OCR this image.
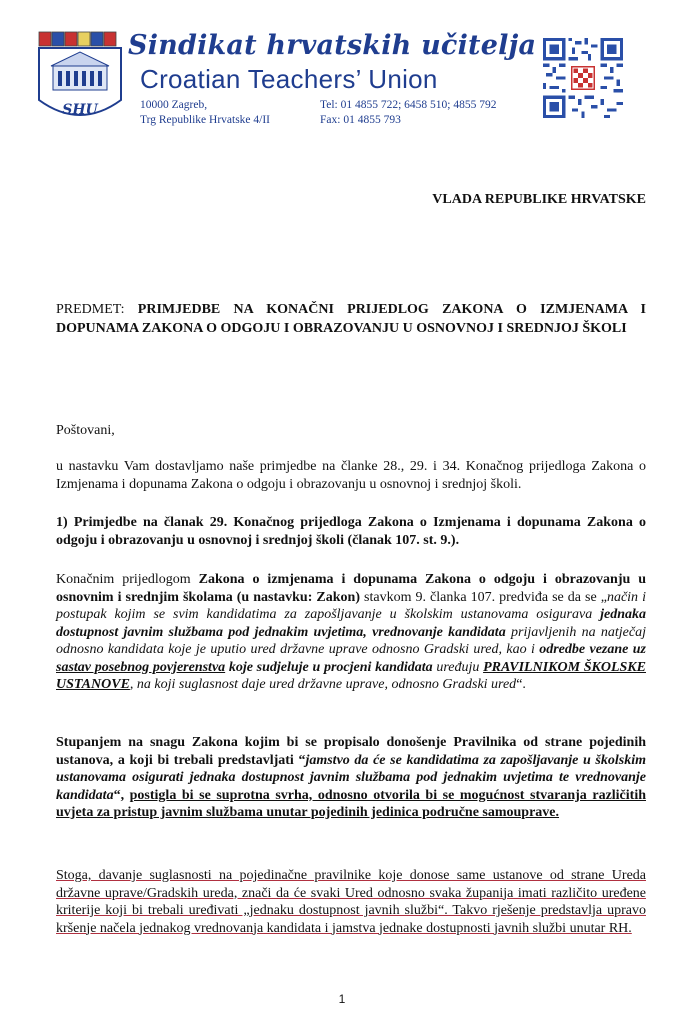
SHU
Sindikat hrvatskih učitelja
Croatian Teachers’ Union
10000 Zagreb,
Trg Republike Hrvatske 4/II
Tel: 01 4855 722; 6458 510; 4855 792
Fax: 01 4855 793
VLADA REPUBLIKE HRVATSKE
PREDMET: PRIMJEDBE NA KONAČNI PRIJEDLOG ZAKONA O IZMJENAMA I DOPUNAMA ZAKONA O ODGOJU I OBRAZOVANJU U OSNOVNOJ I SREDNJOJ ŠKOLI
Poštovani,
u nastavku Vam dostavljamo naše primjedbe na članke 28., 29. i 34. Konačnog prijedloga Zakona o Izmjenama i dopunama Zakona o odgoju i obrazovanju u osnovnoj i srednjoj školi.
1) Primjedbe na članak 29. Konačnog prijedloga Zakona o Izmjenama i dopunama Zakona o odgoju i obrazovanju u osnovnoj i srednjoj školi (članak 107. st. 9.).
Konačnim prijedlogom Zakona o izmjenama i dopunama Zakona o odgoju i obrazovanju u osnovnim i srednjim školama (u nastavku: Zakon) stavkom 9. članka 107. predviđa se da se „način i postupak kojim se svim kandidatima za zapošljavanje u školskim ustanovama osigurava jednaka dostupnost javnim službama pod jednakim uvjetima, vrednovanje kandidata prijavljenih na natječaj odnosno kandidata koje je uputio ured državne uprave odnosno Gradski ured, kao i odredbe vezane uz sastav posebnog povjerenstva koje sudjeluje u procjeni kandidata uređuju PRAVILNIKOM ŠKOLSKE USTANOVE, na koji suglasnost daje ured državne uprave, odnosno Gradski ured“.
Stupanjem na snagu Zakona kojim bi se propisalo donošenje Pravilnika od strane pojedinih ustanova, a koji bi trebali predstavljati “jamstvo da će se kandidatima za zapošljavanje u školskim ustanovama osigurati jednaka dostupnost javnim službama pod jednakim uvjetima te vrednovanje kandidata“, postigla bi se suprotna svrha, odnosno otvorila bi se mogućnost stvaranja različitih uvjeta za pristup javnim službama unutar pojedinih jedinica područne samouprave.
Stoga, davanje suglasnosti na pojedinačne pravilnike koje donose same ustanove od strane Ureda državne uprave/Gradskih ureda, znači da će svaki Ured odnosno svaka županija imati različito uređene kriterije koji bi trebali uređivati „jednaku dostupnost javnih službi“. Takvo rješenje predstavlja upravo kršenje načela jednakog vrednovanja kandidata i jamstva jednake dostupnosti javnih službi unutar RH.
1
